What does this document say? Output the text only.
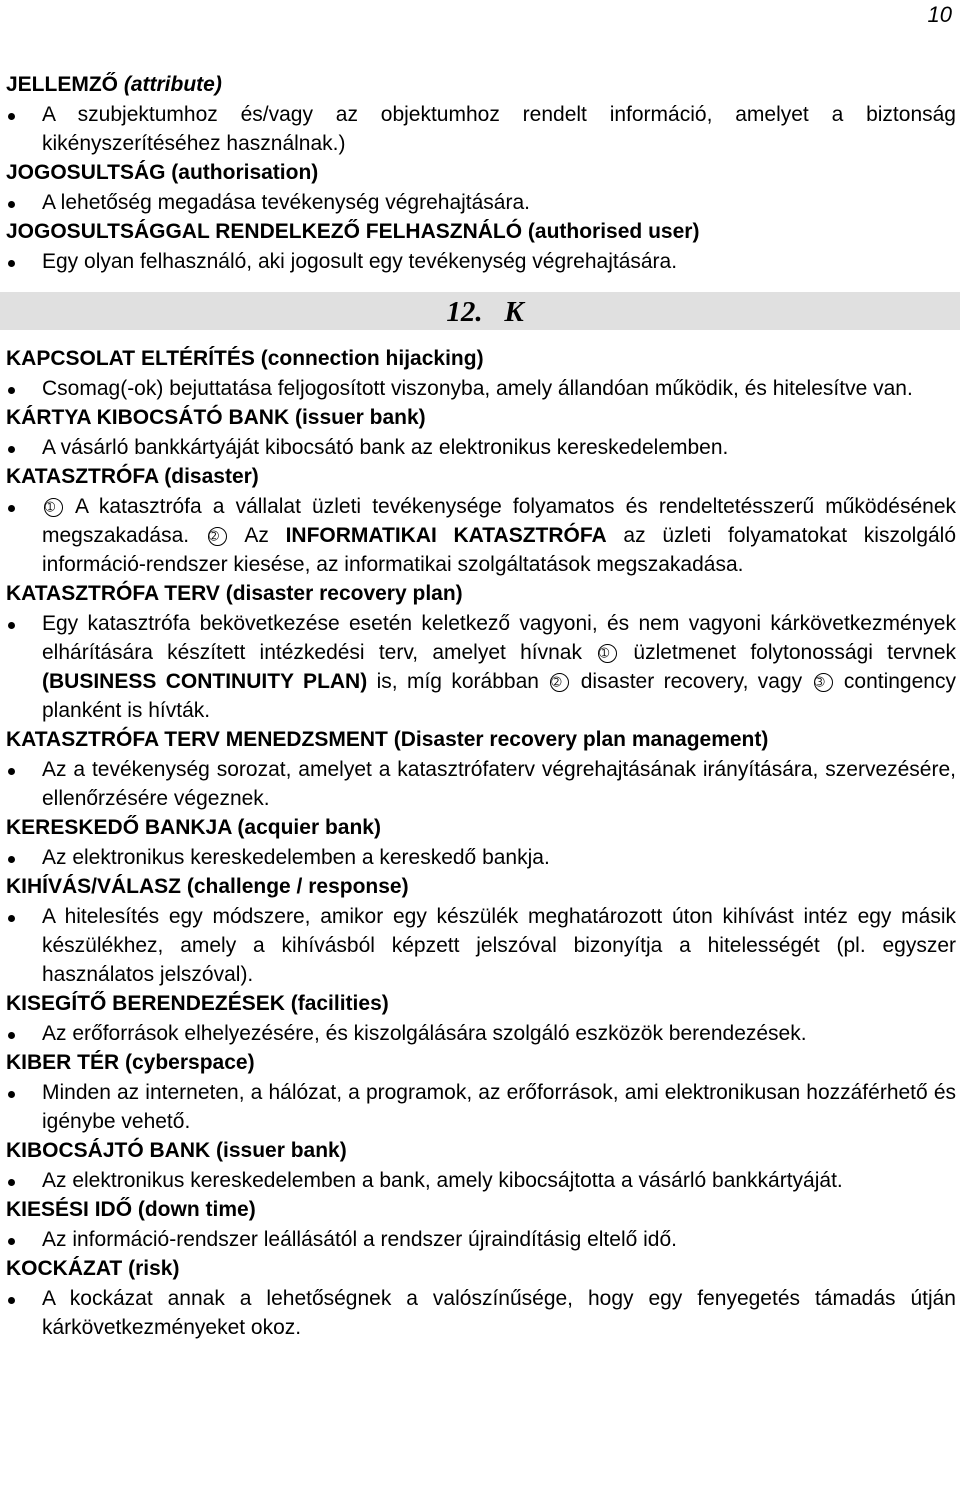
10

JELLEMZŐ (attribute)

A szubjektumhoz és/vagy az objektumhoz rendelt információ, amelyet a biztonság kikényszerítéséhez használnak.)

JOGOSULTSÁG (authorisation)

A lehetőség megadása tevékenység végrehajtására.

JOGOSULTSÁGGAL RENDELKEZŐ FELHASZNÁLÓ (authorised user)

Egy olyan felhasználó, aki jogosult egy tevékenység végrehajtására.

12. K

KAPCSOLAT ELTÉRÍTÉS (connection hijacking)

Csomag(-ok) bejuttatása feljogosított viszonyba, amely állandóan működik, és hitelesítve van.

KÁRTYA KIBOCSÁTÓ BANK (issuer bank)

A vásárló bankkártyáját kibocsátó bank az elektronikus kereskedelemben.

KATASZTRÓFA (disaster)

➀ A katasztrófa a vállalat üzleti tevékenysége folyamatos és rendeltetésszerű működésének megszakadása. ➁ Az INFORMATIKAI KATASZTRÓFA az üzleti folyamatokat kiszolgáló információ-rendszer kiesése, az informatikai szolgáltatások megszakadása.

KATASZTRÓFA TERV (disaster recovery plan)

Egy katasztrófa bekövetkezése esetén keletkező vagyoni, és nem vagyoni kárkövetkezmények elhárítására készített intézkedési terv, amelyet hívnak ➀ üzletmenet folytonossági tervnek (BUSINESS CONTINUITY PLAN) is, míg korábban ➁ disaster recovery, vagy ➂ contingency planként is hívták.

KATASZTRÓFA TERV MENEDZSMENT (Disaster recovery plan management)

Az a tevékenység sorozat, amelyet a katasztrófaterv végrehajtásának irányítására, szervezésére, ellenőrzésére végeznek.

KERESKEDŐ BANKJA (acquier bank)

Az elektronikus kereskedelemben a kereskedő bankja.

KIHÍVÁS/VÁLASZ (challenge / response)

A hitelesítés egy módszere, amikor egy készülék meghatározott úton kihívást intéz egy másik készülékhez, amely a kihívásból képzett jelszóval bizonyítja a hitelességét (pl. egyszer használatos jelszóval).

KISEGÍTŐ BERENDEZÉSEK (facilities)

Az erőforrások elhelyezésére, és kiszolgálására szolgáló eszközök berendezések.

KIBER TÉR (cyberspace)

Minden az interneten, a hálózat, a programok, az erőforrások, ami elektronikusan hozzáférhető és igénybe vehető.

KIBOCSÁJTÓ BANK (issuer bank)

Az elektronikus kereskedelemben a bank, amely kibocsájtotta a vásárló bankkártyáját.

KIESÉSI IDŐ (down time)

Az információ-rendszer leállásától a rendszer újraindításig eltelő idő.

KOCKÁZAT (risk)

A kockázat annak a lehetőségnek a valószínűsége, hogy egy fenyegetés támadás útján kárkövetkezményeket okoz.
